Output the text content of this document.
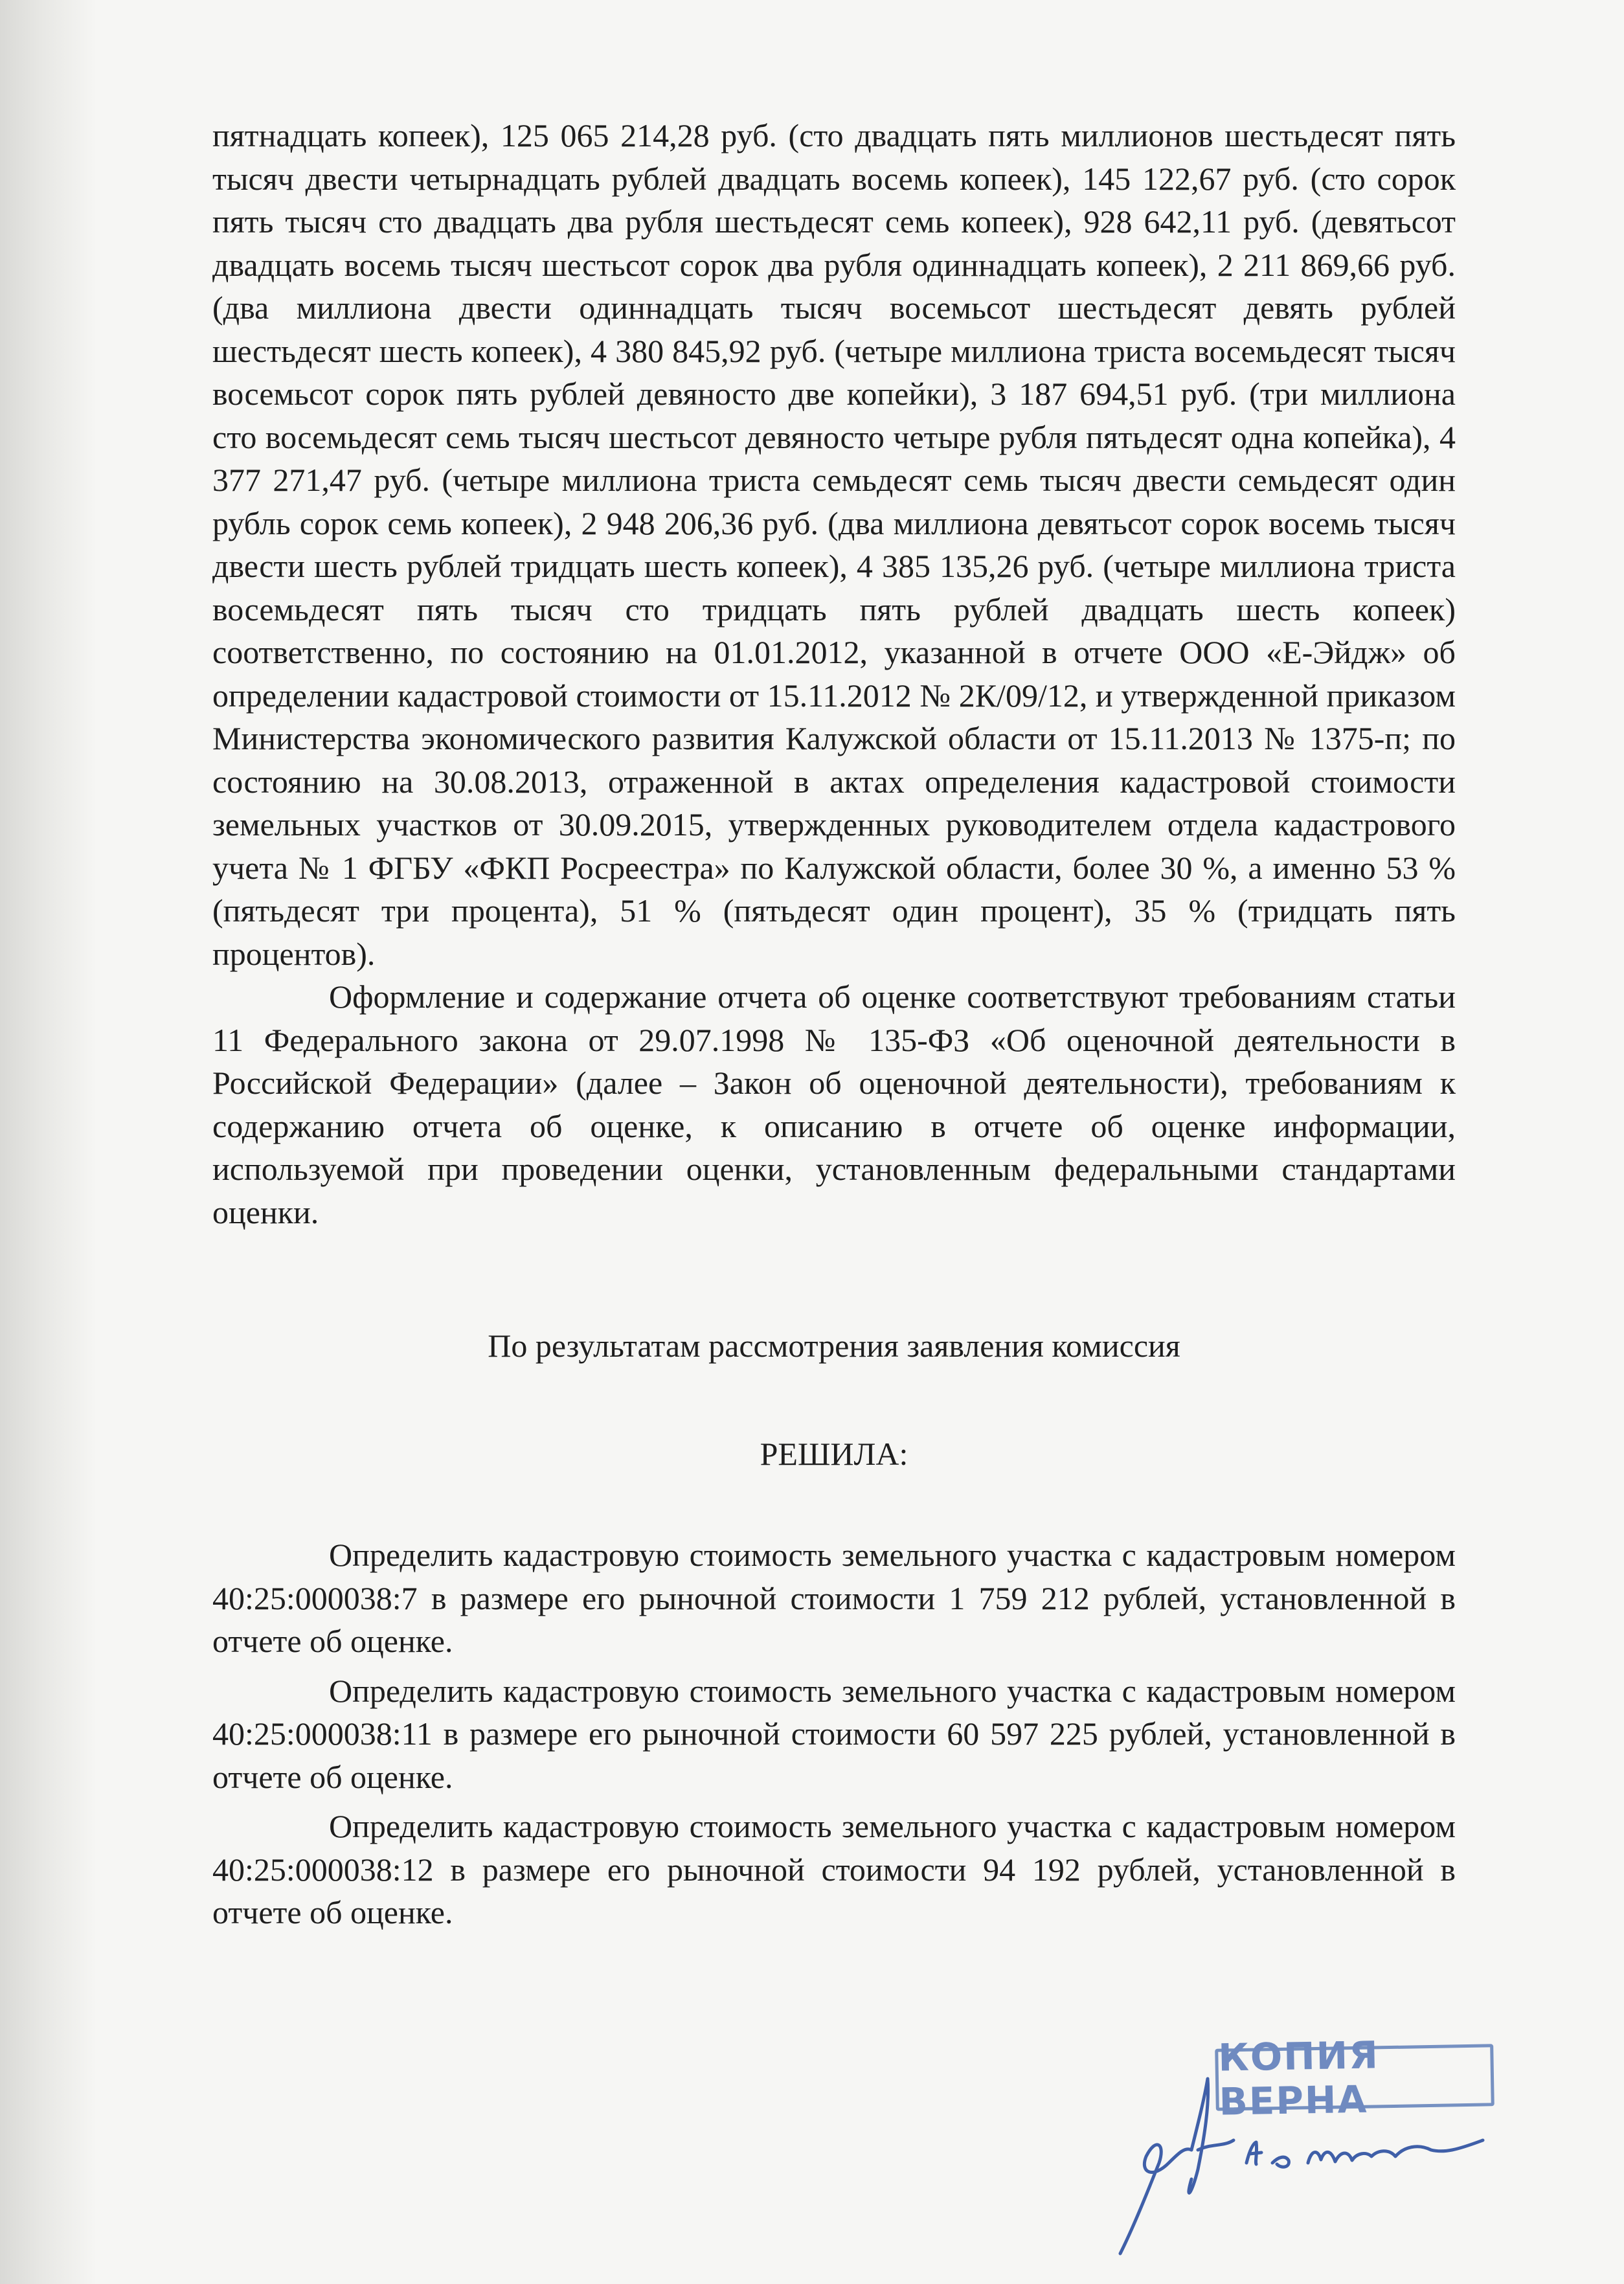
пятнадцать копеек), 125 065 214,28 руб. (сто двадцать пять миллионов шестьдесят пять тысяч двести четырнадцать рублей двадцать восемь копеек), 145 122,67 руб. (сто сорок пять тысяч сто двадцать два рубля шестьдесят семь копеек), 928 642,11 руб. (девятьсот двадцать восемь тысяч шестьсот сорок два рубля одиннадцать копеек), 2 211 869,66 руб. (два миллиона двести одиннадцать тысяч восемьсот шестьдесят девять рублей шестьдесят шесть копеек), 4 380 845,92 руб. (четыре миллиона триста восемьдесят тысяч восемьсот сорок пять рублей девяносто две копейки), 3 187 694,51 руб. (три миллиона сто восемьдесят семь тысяч шестьсот девяносто четыре рубля пятьдесят одна копейка), 4 377 271,47 руб. (четыре миллиона триста семьдесят семь тысяч двести семьдесят один рубль сорок семь копеек), 2 948 206,36 руб. (два миллиона девятьсот сорок восемь тысяч двести шесть рублей тридцать шесть копеек), 4 385 135,26 руб. (четыре миллиона триста восемьдесят пять тысяч сто тридцать пять рублей двадцать шесть копеек) соответственно, по состоянию на 01.01.2012, указанной в отчете ООО «Е-Эйдж» об определении кадастровой стоимости от 15.11.2012 № 2К/09/12, и утвержденной приказом Министерства экономического развития Калужской области от 15.11.2013 № 1375-п; по состоянию на 30.08.2013, отраженной в актах определения кадастровой стоимости земельных участков от 30.09.2015, утвержденных руководителем отдела кадастрового учета № 1 ФГБУ «ФКП Росреестра» по Калужской области, более 30 %, а именно 53 % (пятьдесят три процента), 51 % (пятьдесят один процент), 35 % (тридцать пять процентов).

Оформление и содержание отчета об оценке соответствуют требованиям статьи 11 Федерального закона от 29.07.1998 № 135-ФЗ «Об оценочной деятельности в Российской Федерации» (далее – Закон об оценочной деятельности), требованиям к содержанию отчета об оценке, к описанию в отчете об оценке информации, используемой при проведении оценки, установленным федеральными стандартами оценки.

По результатам рассмотрения заявления комиссия

РЕШИЛА:

Определить кадастровую стоимость земельного участка с кадастровым номером 40:25:000038:7 в размере его рыночной стоимости 1 759 212 рублей, установленной в отчете об оценке.

Определить кадастровую стоимость земельного участка с кадастровым номером 40:25:000038:11 в размере его рыночной стоимости 60 597 225 рублей, установленной в отчете об оценке.

Определить кадастровую стоимость земельного участка с кадастровым номером 40:25:000038:12 в размере его рыночной стоимости 94 192 рублей, установленной в отчете об оценке.

КОПИЯ ВЕРНА
